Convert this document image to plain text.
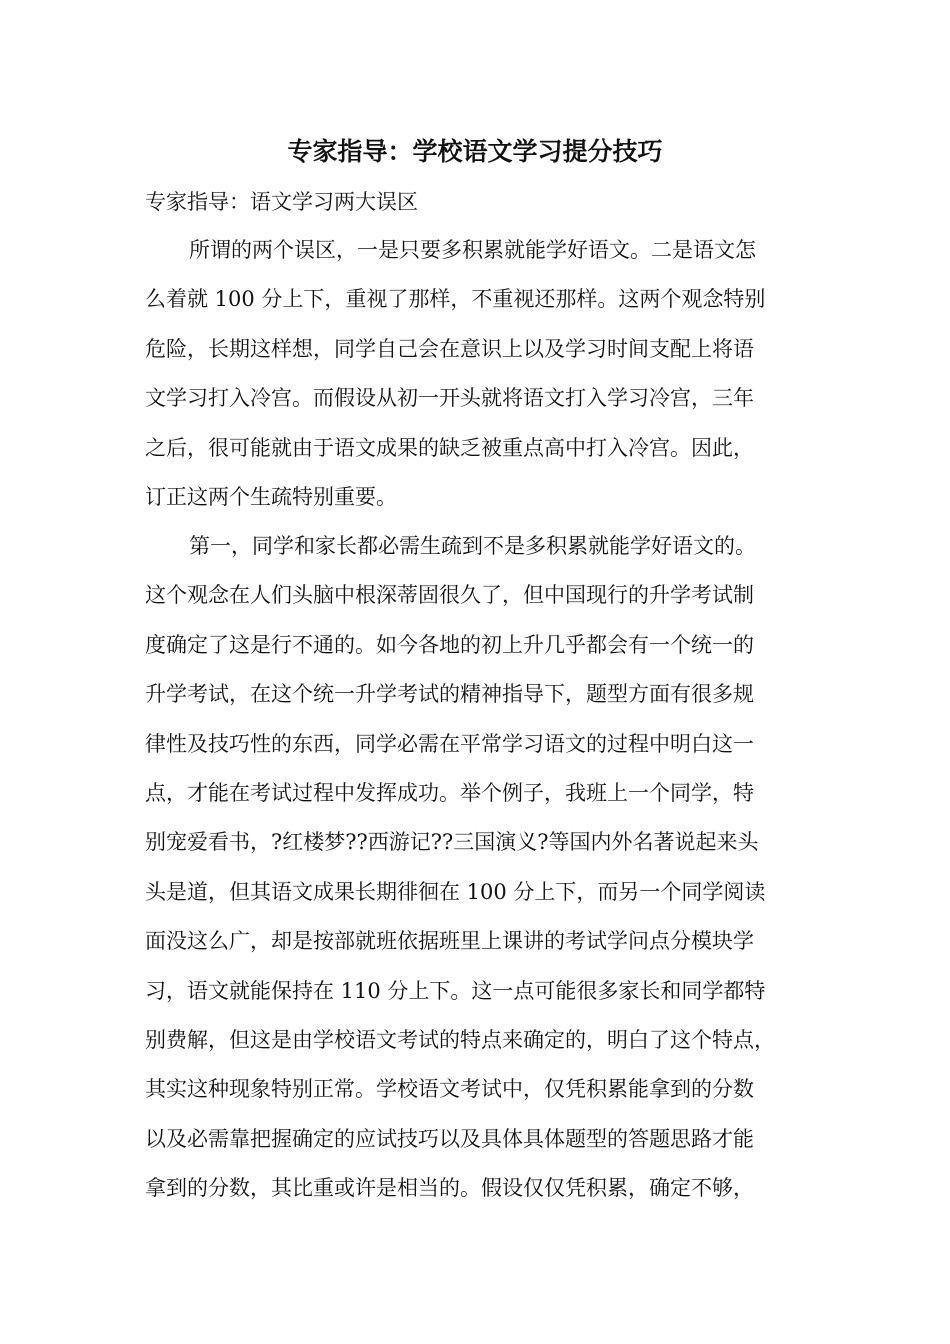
专家指导：学校语文学习提分技巧

专家指导：语文学习两大误区

所谓的两个误区，一是只要多积累就能学好语文。二是语文怎
么着就 100 分上下，重视了那样，不重视还那样。这两个观念特别
危险，长期这样想，同学自己会在意识上以及学习时间支配上将语
文学习打入冷宫。而假设从初一开头就将语文打入学习冷宫，三年
之后，很可能就由于语文成果的缺乏被重点高中打入冷宫。因此，
订正这两个生疏特别重要。
第一，同学和家长都必需生疏到不是多积累就能学好语文的。
这个观念在人们头脑中根深蒂固很久了，但中国现行的升学考试制
度确定了这是行不通的。如今各地的初上升几乎都会有一个统一的
升学考试，在这个统一升学考试的精神指导下，题型方面有很多规
律性及技巧性的东西，同学必需在平常学习语文的过程中明白这一
点，才能在考试过程中发挥成功。举个例子，我班上一个同学，特
别宠爱看书，?红楼梦??西游记??三国演义?等国内外名著说起来头
头是道，但其语文成果长期徘徊在 100 分上下，而另一个同学阅读
面没这么广，却是按部就班依据班里上课讲的考试学问点分模块学
习，语文就能保持在 110 分上下。这一点可能很多家长和同学都特
别费解，但这是由学校语文考试的特点来确定的，明白了这个特点，
其实这种现象特别正常。学校语文考试中，仅凭积累能拿到的分数
以及必需靠把握确定的应试技巧以及具体具体题型的答题思路才能
拿到的分数，其比重或许是相当的。假设仅仅凭积累，确定不够，
